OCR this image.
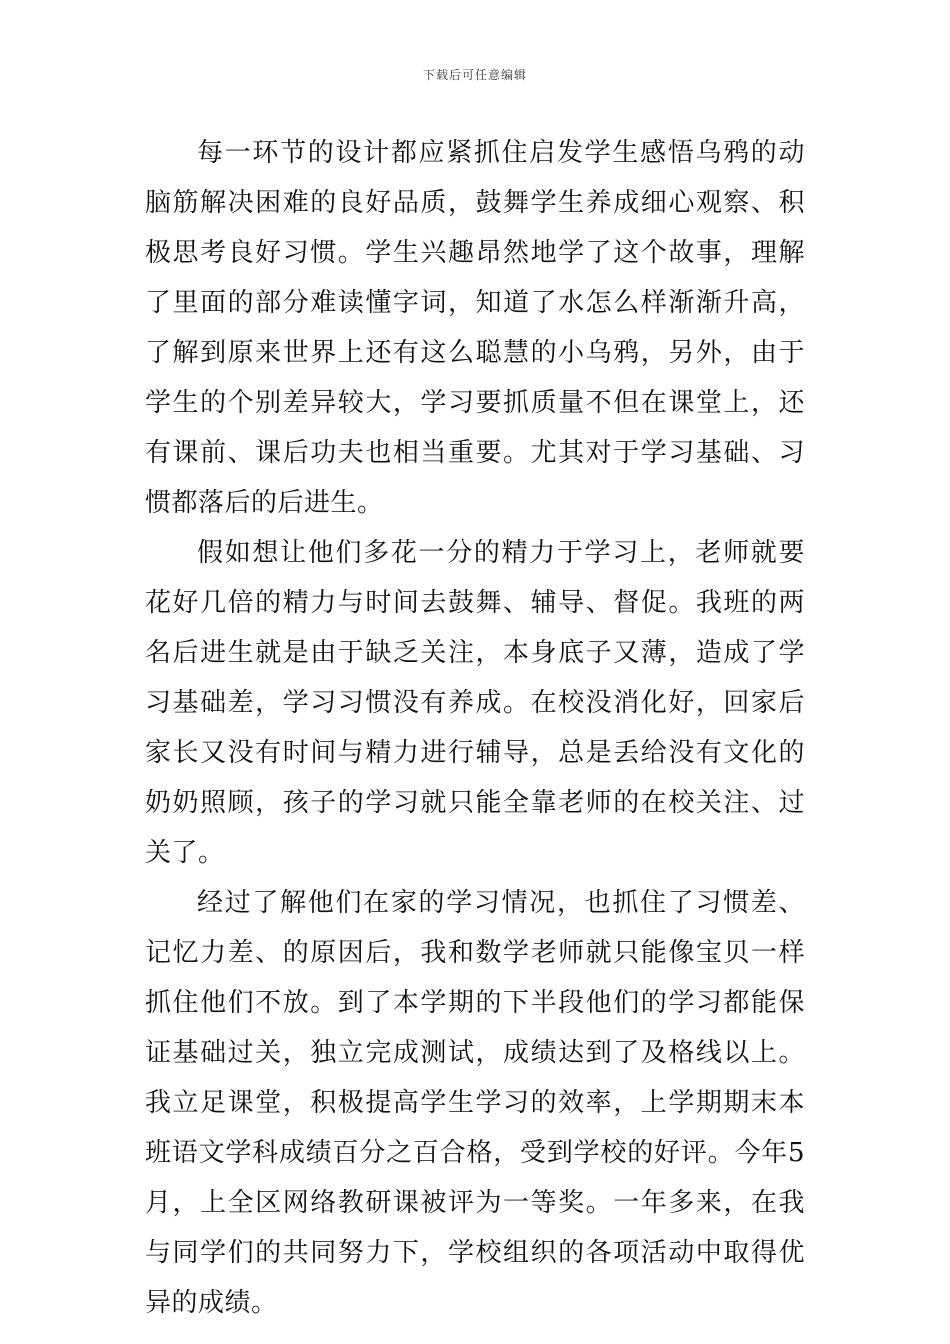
下载后可任意编辑

每一环节的设计都应紧抓住启发学生感悟乌鸦的动脑筋解决困难的良好品质，鼓舞学生养成细心观察、积极思考良好习惯。学生兴趣昂然地学了这个故事，理解了里面的部分难读懂字词，知道了水怎么样渐渐升高，了解到原来世界上还有这么聪慧的小乌鸦，另外，由于学生的个别差异较大，学习要抓质量不但在课堂上，还有课前、课后功夫也相当重要。尤其对于学习基础、习惯都落后的后进生。

假如想让他们多花一分的精力于学习上，老师就要花好几倍的精力与时间去鼓舞、辅导、督促。我班的两名后进生就是由于缺乏关注，本身底子又薄，造成了学习基础差，学习习惯没有养成。在校没消化好，回家后家长又没有时间与精力进行辅导，总是丢给没有文化的奶奶照顾，孩子的学习就只能全靠老师的在校关注、过关了。

经过了解他们在家的学习情况，也抓住了习惯差、记忆力差、的原因后，我和数学老师就只能像宝贝一样抓住他们不放。到了本学期的下半段他们的学习都能保证基础过关，独立完成测试，成绩达到了及格线以上。我立足课堂，积极提高学生学习的效率，上学期期末本班语文学科成绩百分之百合格，受到学校的好评。今年5月，上全区网络教研课被评为一等奖。一年多来，在我与同学们的共同努力下，学校组织的各项活动中取得优异的成绩。
